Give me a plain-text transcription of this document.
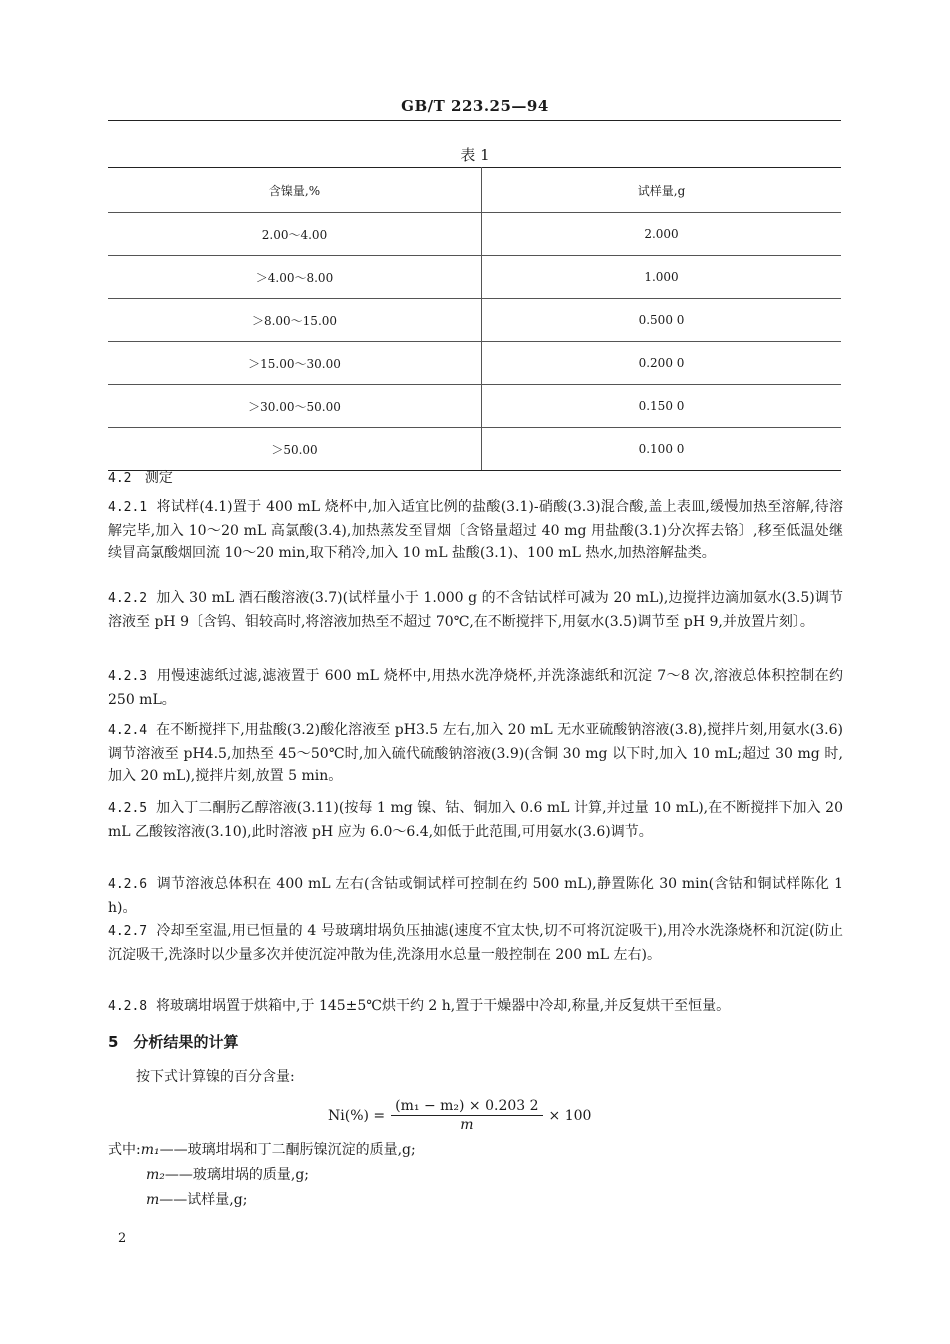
GB/T 223.25—94
表 1
含镍量,%	试样量,g
2.00～4.00	2.000
＞4.00～8.00	1.000
＞8.00～15.00	0.500 0
＞15.00～30.00	0.200 0
＞30.00～50.00	0.150 0
＞50.00	0.100 0
4.2 测定
4.2.1 将试样(4.1)置于 400 mL 烧杯中,加入适宜比例的盐酸(3.1)-硝酸(3.3)混合酸,盖上表皿,缓慢加热至溶解,待溶解完毕,加入 10～20 mL 高氯酸(3.4),加热蒸发至冒烟〔含铬量超过 40 mg 用盐酸(3.1)分次挥去铬〕,移至低温处继续冒高氯酸烟回流 10～20 min,取下稍冷,加入 10 mL 盐酸(3.1)、100 mL 热水,加热溶解盐类。
4.2.2 加入 30 mL 酒石酸溶液(3.7)(试样量小于 1.000 g 的不含钴试样可减为 20 mL),边搅拌边滴加氨水(3.5)调节溶液至 pH 9〔含钨、钼较高时,将溶液加热至不超过 70℃,在不断搅拌下,用氨水(3.5)调节至 pH 9,并放置片刻〕。
4.2.3 用慢速滤纸过滤,滤液置于 600 mL 烧杯中,用热水洗净烧杯,并洗涤滤纸和沉淀 7～8 次,溶液总体积控制在约 250 mL。
4.2.4 在不断搅拌下,用盐酸(3.2)酸化溶液至 pH3.5 左右,加入 20 mL 无水亚硫酸钠溶液(3.8),搅拌片刻,用氨水(3.6)调节溶液至 pH4.5,加热至 45～50℃时,加入硫代硫酸钠溶液(3.9)(含铜 30 mg 以下时,加入 10 mL;超过 30 mg 时,加入 20 mL),搅拌片刻,放置 5 min。
4.2.5 加入丁二酮肟乙醇溶液(3.11)(按每 1 mg 镍、钴、铜加入 0.6 mL 计算,并过量 10 mL),在不断搅拌下加入 20 mL 乙酸铵溶液(3.10),此时溶液 pH 应为 6.0～6.4,如低于此范围,可用氨水(3.6)调节。
4.2.6 调节溶液总体积在 400 mL 左右(含钴或铜试样可控制在约 500 mL),静置陈化 30 min(含钴和铜试样陈化 1 h)。
4.2.7 冷却至室温,用已恒量的 4 号玻璃坩埚负压抽滤(速度不宜太快,切不可将沉淀吸干),用冷水洗涤烧杯和沉淀(防止沉淀吸干,洗涤时以少量多次并使沉淀冲散为佳,洗涤用水总量一般控制在 200 mL 左右)。
4.2.8 将玻璃坩埚置于烘箱中,于 145±5℃烘干约 2 h,置于干燥器中冷却,称量,并反复烘干至恒量。
5　分析结果的计算
按下式计算镍的百分含量:
$Ni(\%) = \frac{\text{(m₁ − m₂) × 0.203 2}}{m} \times 100$
式中:m₁——玻璃坩埚和丁二酮肟镍沉淀的质量,g;
m₂——玻璃坩埚的质量,g;
m——试样量,g;
2
